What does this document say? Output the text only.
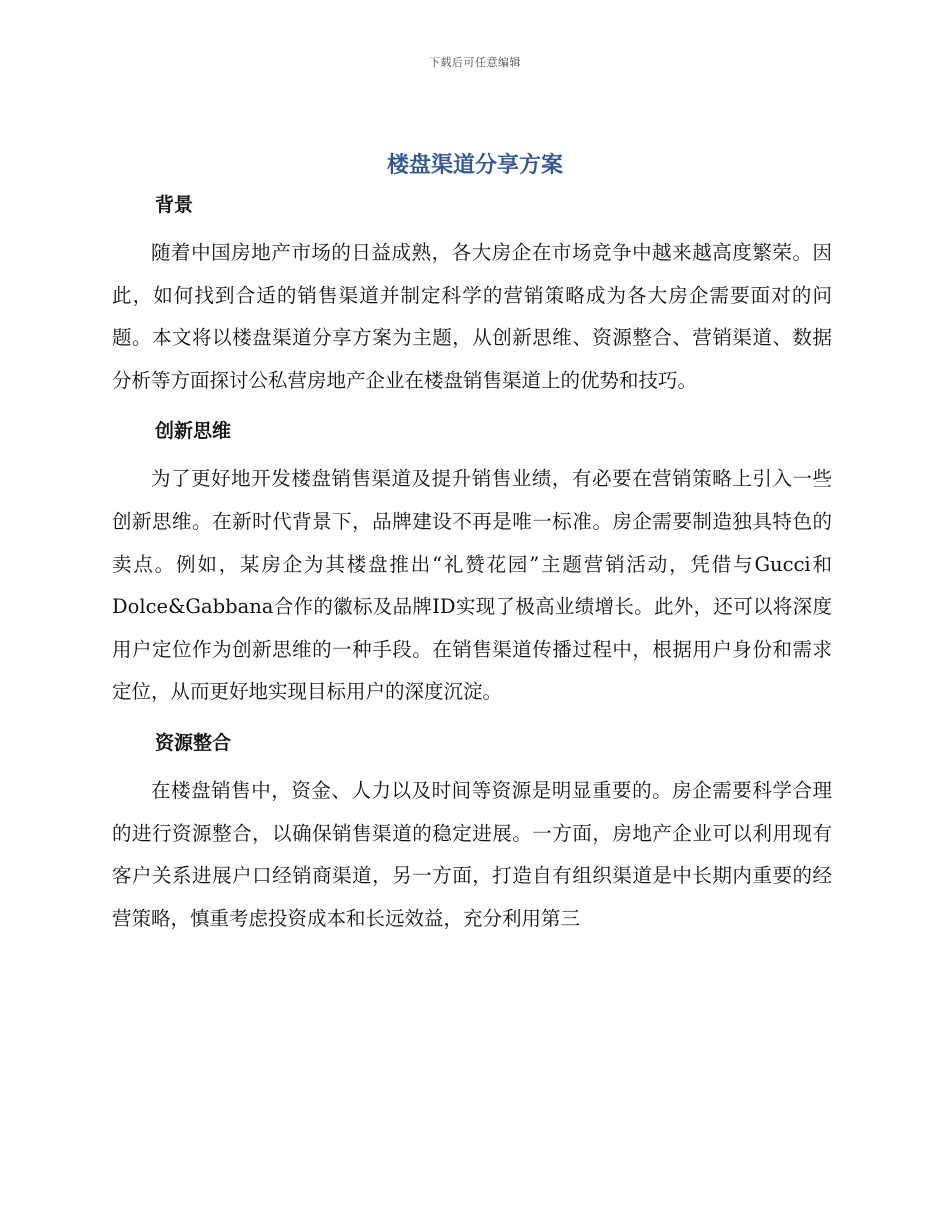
下载后可任意编辑
楼盘渠道分享方案
背景

随着中国房地产市场的日益成熟，各大房企在市场竞争中越来越高度繁荣。因此，如何找到合适的销售渠道并制定科学的营销策略成为各大房企需要面对的问题。本文将以楼盘渠道分享方案为主题，从创新思维、资源整合、营销渠道、数据分析等方面探讨公私营房地产企业在楼盘销售渠道上的优势和技巧。

创新思维

为了更好地开发楼盘销售渠道及提升销售业绩，有必要在营销策略上引入一些创新思维。在新时代背景下，品牌建设不再是唯一标准。房企需要制造独具特色的卖点。例如，某房企为其楼盘推出“礼赞花园”主题营销活动，凭借与Gucci和Dolce&Gabbana合作的徽标及品牌ID实现了极高业绩增长。此外，还可以将深度用户定位作为创新思维的一种手段。在销售渠道传播过程中，根据用户身份和需求定位，从而更好地实现目标用户的深度沉淀。

资源整合

在楼盘销售中，资金、人力以及时间等资源是明显重要的。房企需要科学合理的进行资源整合，以确保销售渠道的稳定进展。一方面，房地产企业可以利用现有客户关系进展户口经销商渠道，另一方面，打造自有组织渠道是中长期内重要的经营策略，慎重考虑投资成本和长远效益，充分利用第三
